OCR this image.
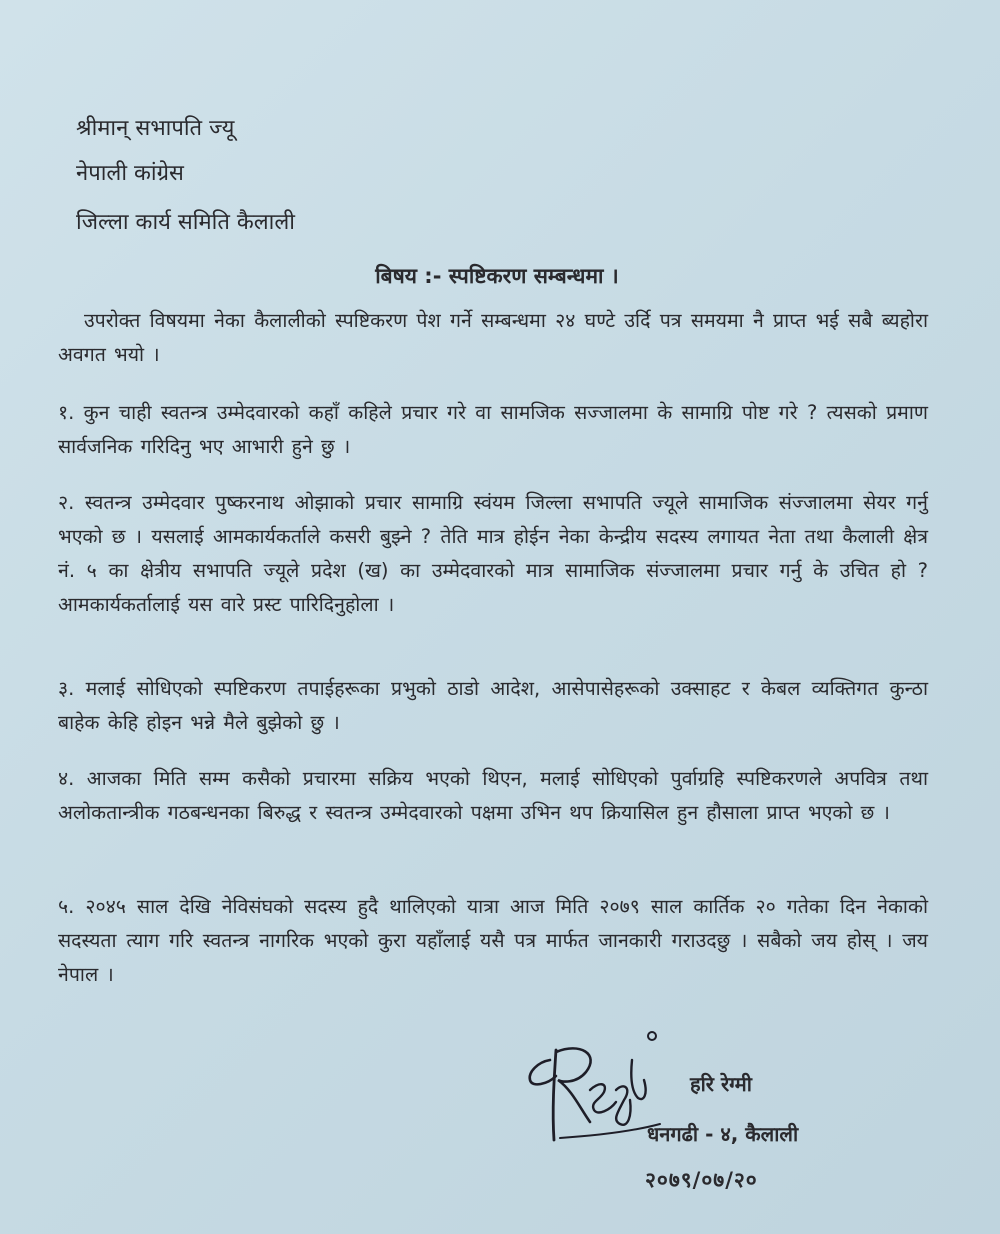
श्रीमान् सभापति ज्यू
नेपाली कांग्रेस
जिल्ला कार्य समिति कैलाली
बिषय :- स्पष्टिकरण सम्बन्धमा ।
उपरोक्त विषयमा नेका कैलालीको स्पष्टिकरण पेश गर्ने सम्बन्धमा २४ घण्टे उर्दि पत्र समयमा नै प्राप्त भई सबै ब्यहोरा अवगत भयो ।
१. कुन चाही स्वतन्त्र उम्मेदवारको कहाँ कहिले प्रचार गरे वा सामजिक सज्जालमा के सामाग्रि पोष्ट गरे ? त्यसको प्रमाण सार्वजनिक गरिदिनु भए आभारी हुने छु ।
२. स्वतन्त्र उम्मेदवार पुष्करनाथ ओझाको प्रचार सामाग्रि स्वंयम जिल्ला सभापति ज्यूले सामाजिक संज्जालमा सेयर गर्नु भएको छ । यसलाई आमकार्यकर्ताले कसरी बुझ्ने ? तेति मात्र होईन नेका केन्द्रीय सदस्य लगायत नेता तथा कैलाली क्षेत्र नं. ५ का क्षेत्रीय सभापति ज्यूले प्रदेश (ख) का उम्मेदवारको मात्र सामाजिक संज्जालमा प्रचार गर्नु के उचित हो ? आमकार्यकर्तालाई यस वारे प्रस्ट पारिदिनुहोला ।
३. मलाई सोधिएको स्पष्टिकरण तपाईहरूका प्रभुको ठाडो आदेश, आसेपासेहरूको उक्साहट र केबल व्यक्तिगत कुन्ठा बाहेक केहि होइन भन्ने मैले बुझेको छु ।
४. आजका मिति सम्म कसैको प्रचारमा सक्रिय भएको थिएन, मलाई सोधिएको पुर्वाग्रहि स्पष्टिकरणले अपवित्र तथा अलोकतान्त्रीक गठबन्धनका बिरुद्ध र स्वतन्त्र उम्मेदवारको पक्षमा उभिन थप क्रियासिल हुन हौसाला प्राप्त भएको छ ।
५. २०४५ साल देखि नेविसंघको सदस्य हुदै थालिएको यात्रा आज मिति २०७९ साल कार्तिक २० गतेका दिन नेकाको सदस्यता त्याग गरि स्वतन्त्र नागरिक भएको कुरा यहाँलाई यसै पत्र मार्फत जानकारी गराउदछु । सबैको जय होस् । जय नेपाल ।
हरि रेग्मी
धनगढी - ४, कैलाली
२०७९/०७/२०
